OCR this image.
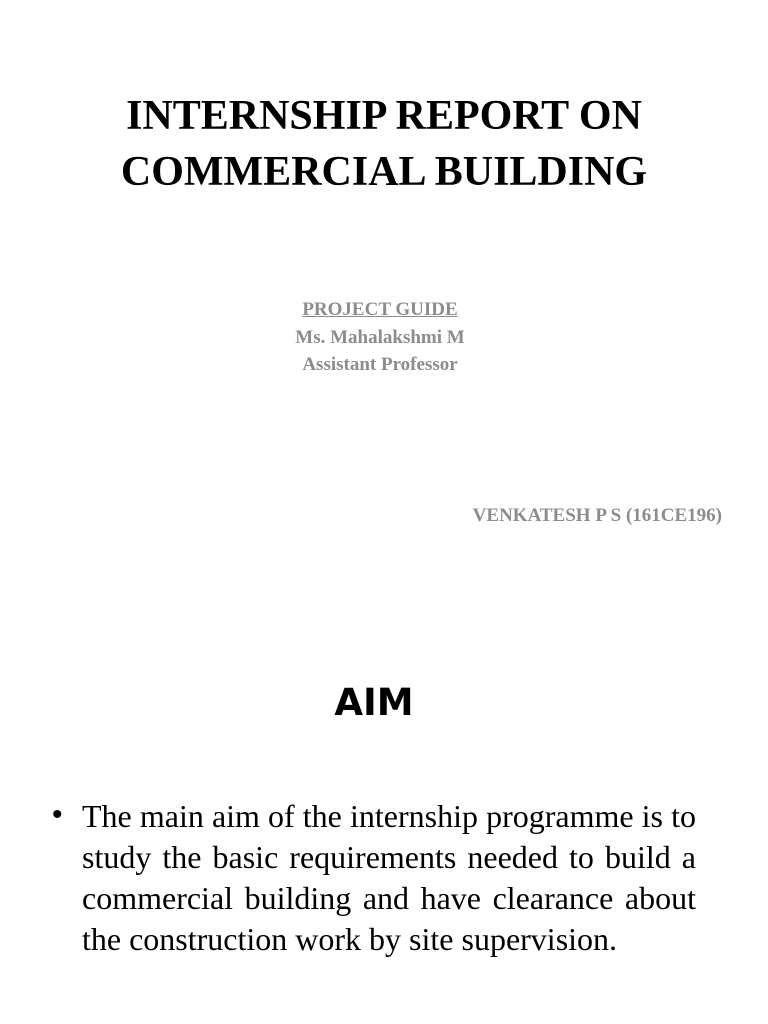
INTERNSHIP REPORT ON
COMMERCIAL BUILDING
PROJECT GUIDE
Ms. Mahalakshmi M
Assistant Professor
VENKATESH P S (161CE196)
AIM
• The main aim of the internship programme is to study the basic requirements needed to build a commercial building and have clearance about the construction work by site supervision.
